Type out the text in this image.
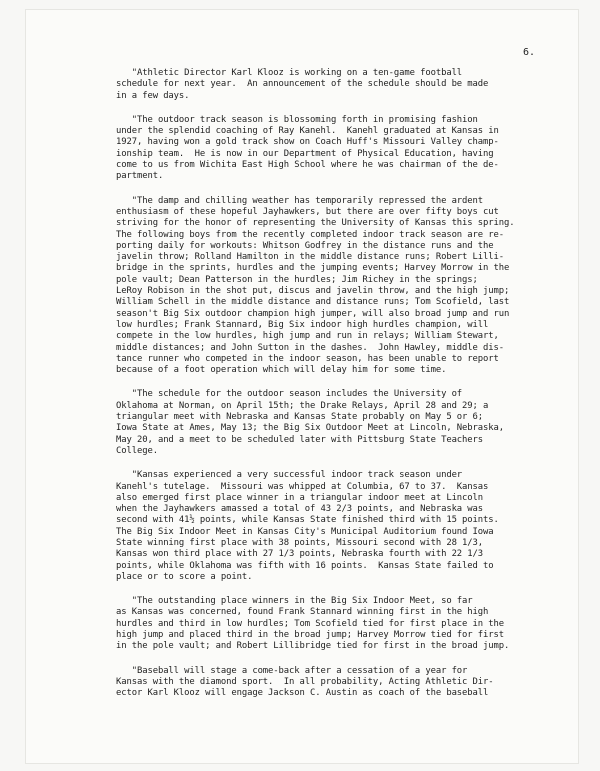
6.
"Athletic Director Karl Klooz is working on a ten-game football
schedule for next year.  An announcement of the schedule should be made
in a few days.
"The outdoor track season is blossoming forth in promising fashion
under the splendid coaching of Ray Kanehl.  Kanehl graduated at Kansas in
1927, having won a gold track show on Coach Huff's Missouri Valley champ-
ionship team.  He is now in our Department of Physical Education, having
come to us from Wichita East High School where he was chairman of the de-
partment.
"The damp and chilling weather has temporarily repressed the ardent
enthusiasm of these hopeful Jayhawkers, but there are over fifty boys cut
striving for the honor of representing the University of Kansas this spring.
The following boys from the recently completed indoor track season are re-
porting daily for workouts: Whitson Godfrey in the distance runs and the
javelin throw; Rolland Hamilton in the middle distance runs; Robert Lilli-
bridge in the sprints, hurdles and the jumping events; Harvey Morrow in the
pole vault; Dean Patterson in the hurdles; Jim Richey in the springs;
LeRoy Robison in the shot put, discus and javelin throw, and the high jump;
William Schell in the middle distance and distance runs; Tom Scofield, last
season't Big Six outdoor champion high jumper, will also broad jump and run
low hurdles; Frank Stannard, Big Six indoor high hurdles champion, will
compete in the low hurdles, high jump and run in relays; William Stewart,
middle distances; and John Sutton in the dashes.  John Hawley, middle dis-
tance runner who competed in the indoor season, has been unable to report
because of a foot operation which will delay him for some time.
"The schedule for the outdoor season includes the University of
Oklahoma at Norman, on April 15th; the Drake Relays, April 28 and 29; a
triangular meet with Nebraska and Kansas State probably on May 5 or 6;
Iowa State at Ames, May 13; the Big Six Outdoor Meet at Lincoln, Nebraska,
May 20, and a meet to be scheduled later with Pittsburg State Teachers
College.
"Kansas experienced a very successful indoor track season under
Kanehl's tutelage.  Missouri was whipped at Columbia, 67 to 37.  Kansas
also emerged first place winner in a triangular indoor meet at Lincoln
when the Jayhawkers amassed a total of 43 2/3 points, and Nebraska was
second with 41½ points, while Kansas State finished third with 15 points.
The Big Six Indoor Meet in Kansas City's Municipal Auditorium found Iowa
State winning first place with 38 points, Missouri second with 28 1/3,
Kansas won third place with 27 1/3 points, Nebraska fourth with 22 1/3
points, while Oklahoma was fifth with 16 points.  Kansas State failed to
place or to score a point.
"The outstanding place winners in the Big Six Indoor Meet, so far
as Kansas was concerned, found Frank Stannard winning first in the high
hurdles and third in low hurdles; Tom Scofield tied for first place in the
high jump and placed third in the broad jump; Harvey Morrow tied for first
in the pole vault; and Robert Lillibridge tied for first in the broad jump.
"Baseball will stage a come-back after a cessation of a year for
Kansas with the diamond sport.  In all probability, Acting Athletic Dir-
ector Karl Klooz will engage Jackson C. Austin as coach of the baseball
